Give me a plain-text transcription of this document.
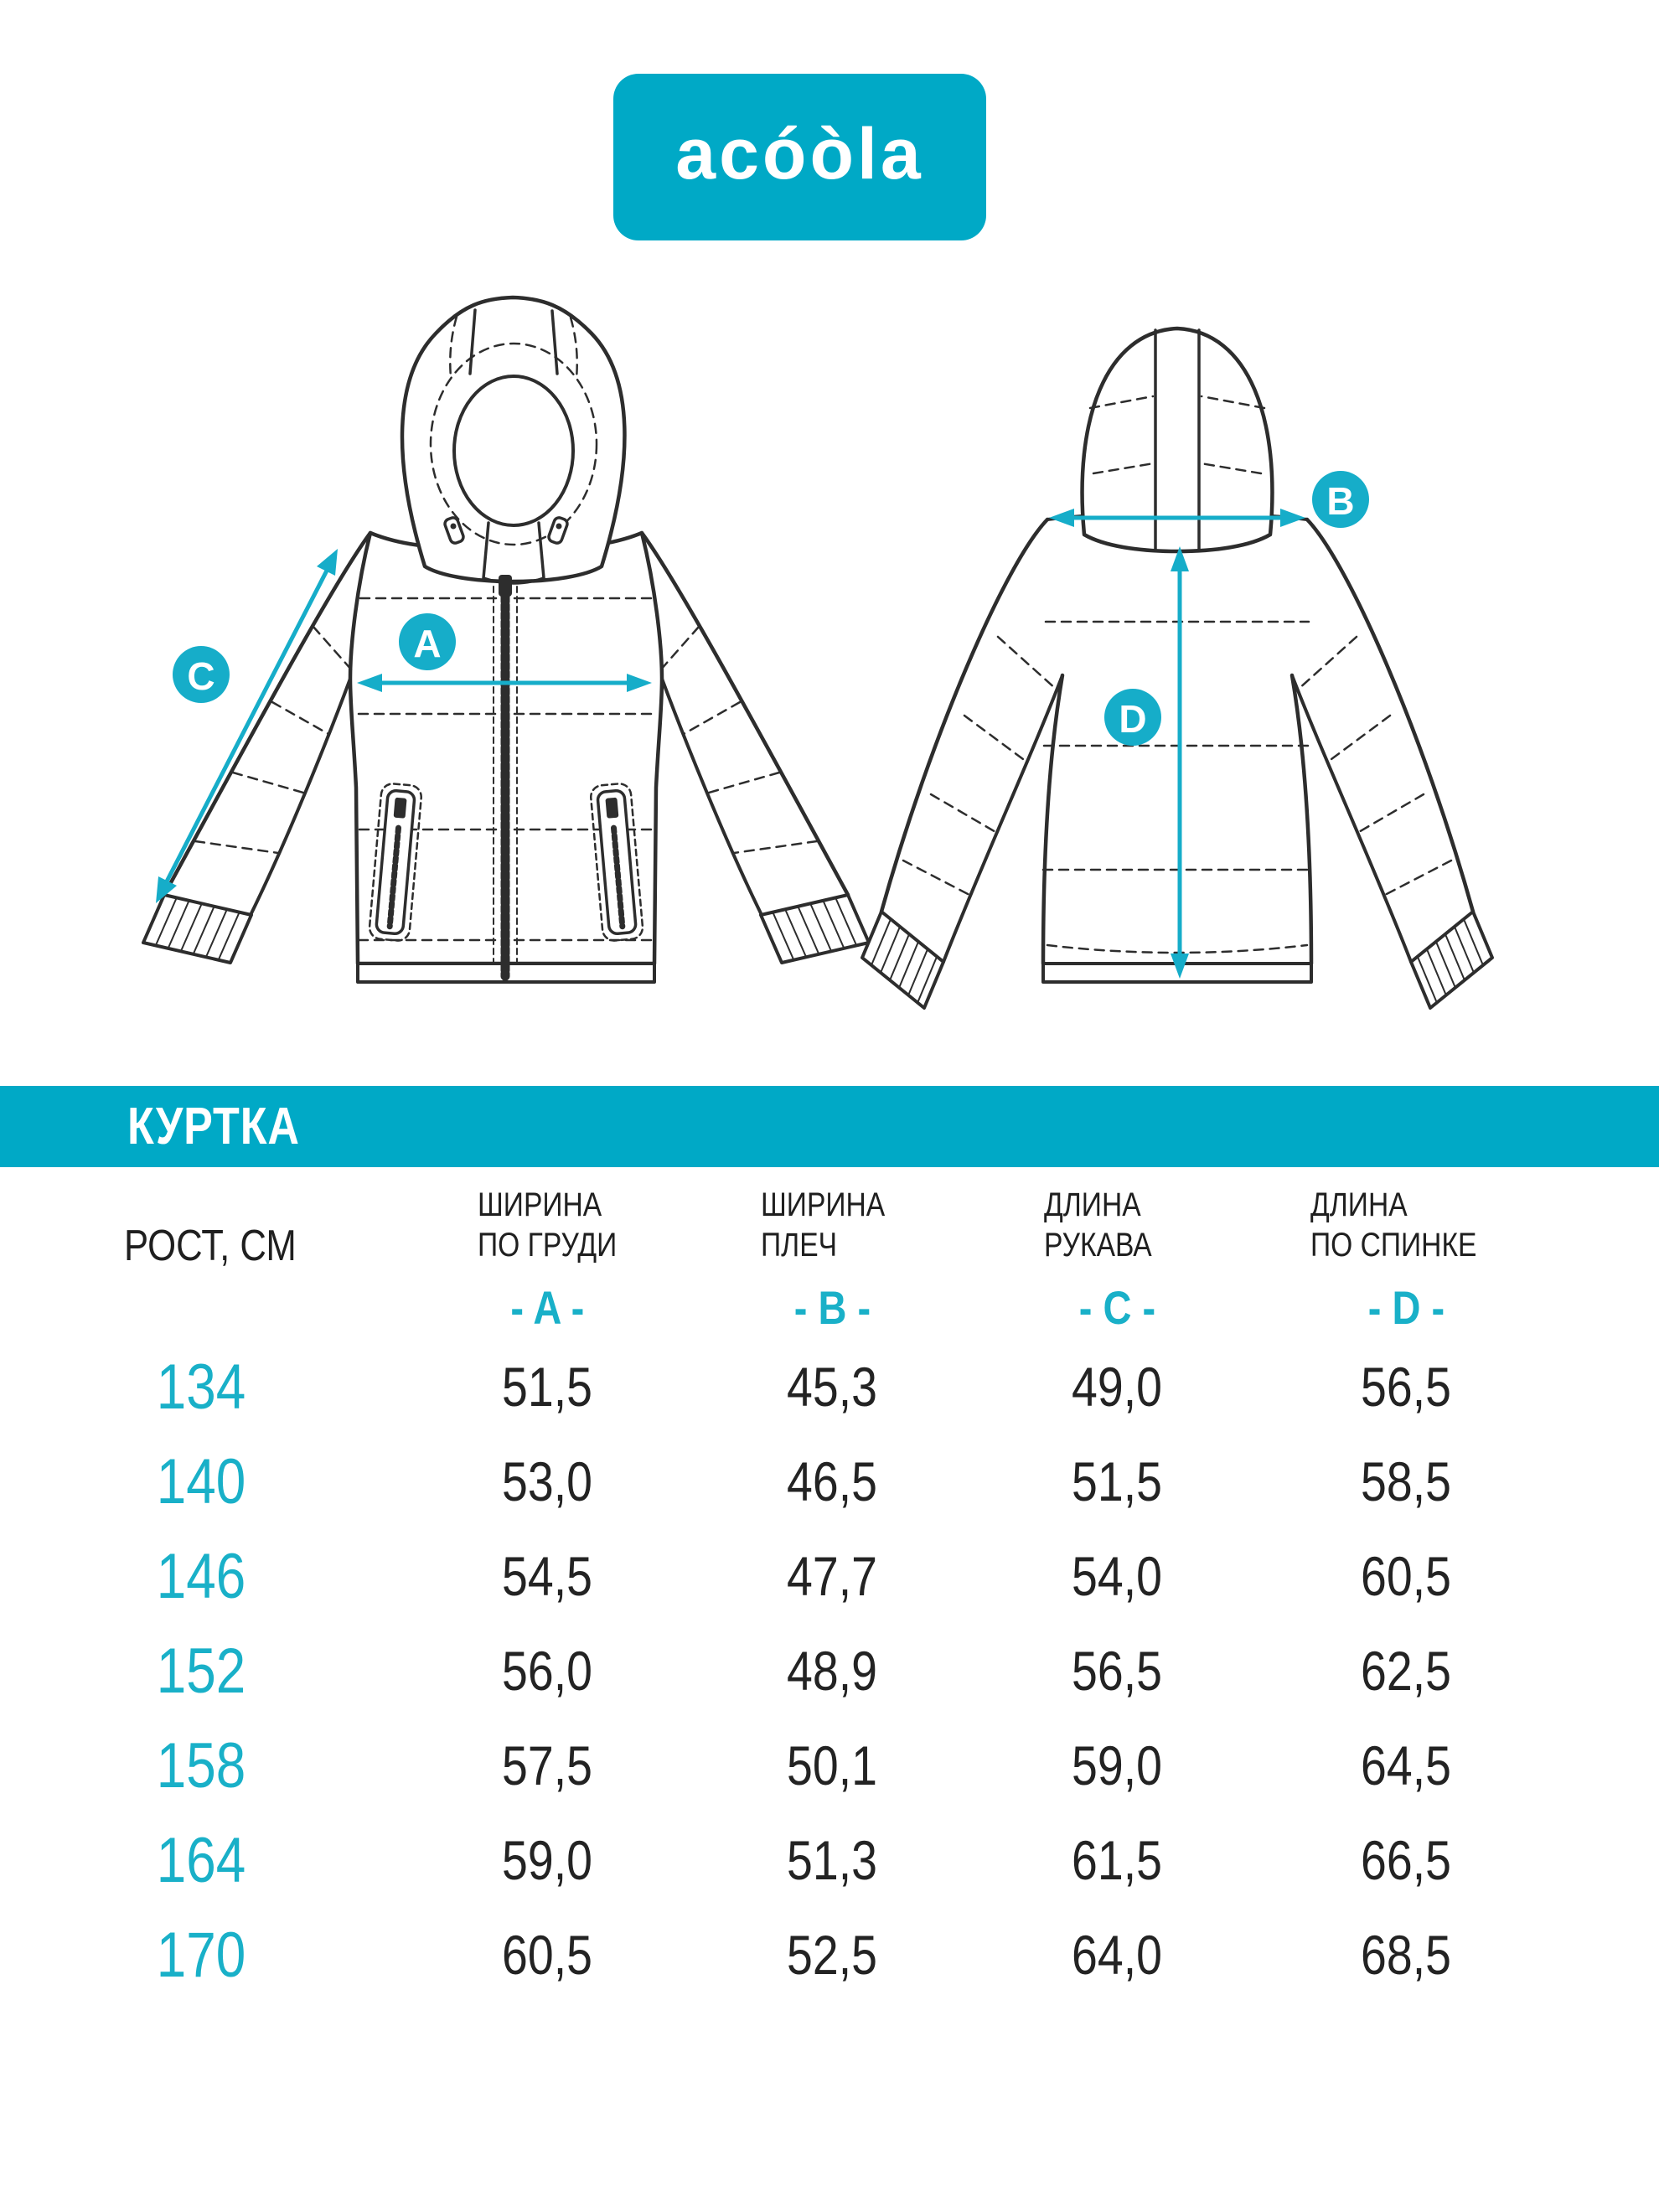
acóòla
A
C
B
D
КУРТКА
РОСТ, СМ
ШИРИНА
ПО ГРУДИ
ШИРИНА
ПЛЕЧ
ДЛИНА
РУКАВА
ДЛИНА
ПО СПИНКЕ
- A -	- B -	- C -	- D -
134	51,5	45,3	49,0	56,5
140	53,0	46,5	51,5	58,5
146	54,5	47,7	54,0	60,5
152	56,0	48,9	56,5	62,5
158	57,5	50,1	59,0	64,5
164	59,0	51,3	61,5	66,5
170	60,5	52,5	64,0	68,5
